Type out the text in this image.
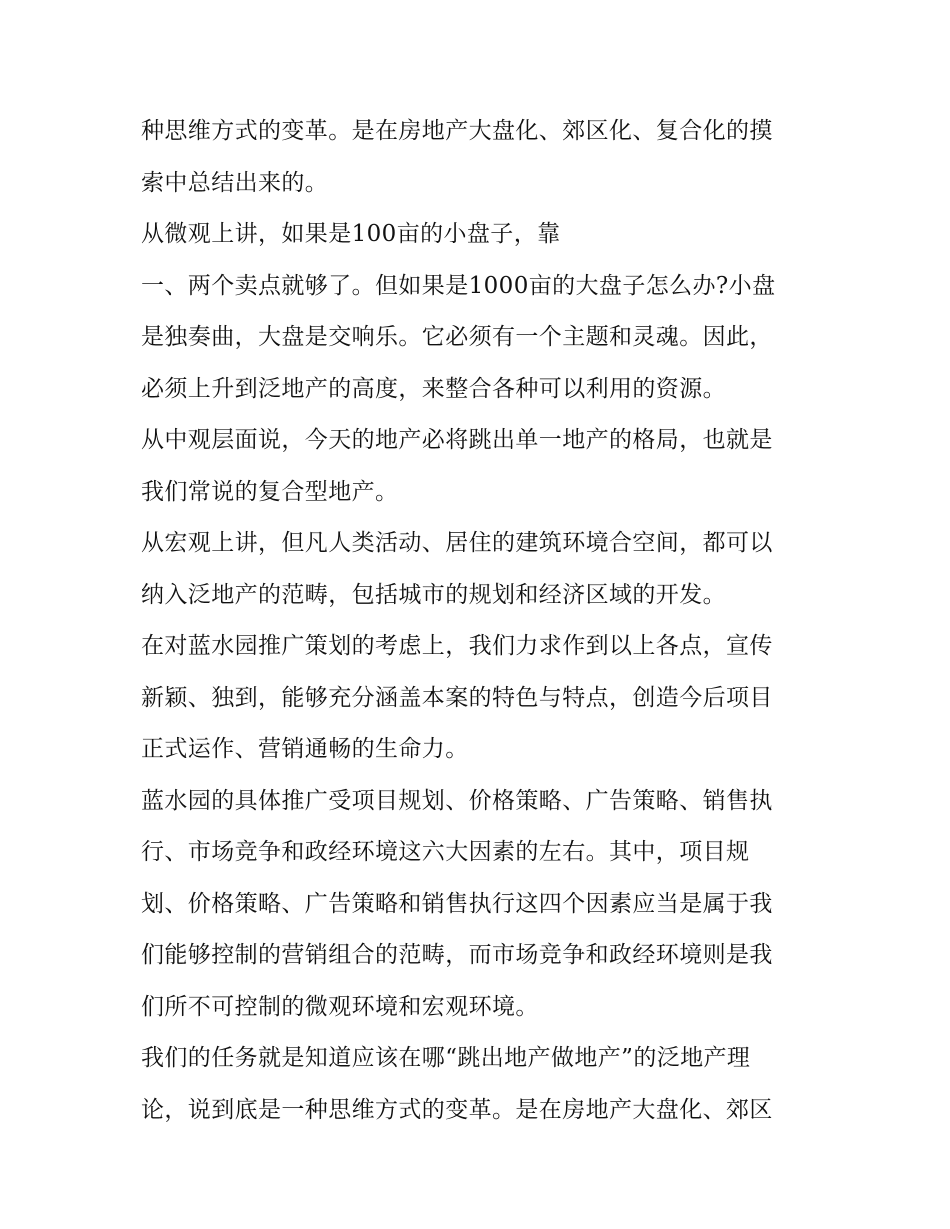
种思维方式的变革。是在房地产大盘化、郊区化、复合化的摸
索中总结出来的。
从微观上讲，如果是100亩的小盘子，靠
一、两个卖点就够了。但如果是1000亩的大盘子怎么办?小盘
是独奏曲，大盘是交响乐。它必须有一个主题和灵魂。因此，
必须上升到泛地产的高度，来整合各种可以利用的资源。
从中观层面说，今天的地产必将跳出单一地产的格局，也就是
我们常说的复合型地产。
从宏观上讲，但凡人类活动、居住的建筑环境合空间，都可以
纳入泛地产的范畴，包括城市的规划和经济区域的开发。
在对蓝水园推广策划的考虑上，我们力求作到以上各点，宣传
新颖、独到，能够充分涵盖本案的特色与特点，创造今后项目
正式运作、营销通畅的生命力。
蓝水园的具体推广受项目规划、价格策略、广告策略、销售执
行、市场竞争和政经环境这六大因素的左右。其中，项目规
划、价格策略、广告策略和销售执行这四个因素应当是属于我
们能够控制的营销组合的范畴，而市场竞争和政经环境则是我
们所不可控制的微观环境和宏观环境。
我们的任务就是知道应该在哪“跳出地产做地产”的泛地产理
论，说到底是一种思维方式的变革。是在房地产大盘化、郊区
